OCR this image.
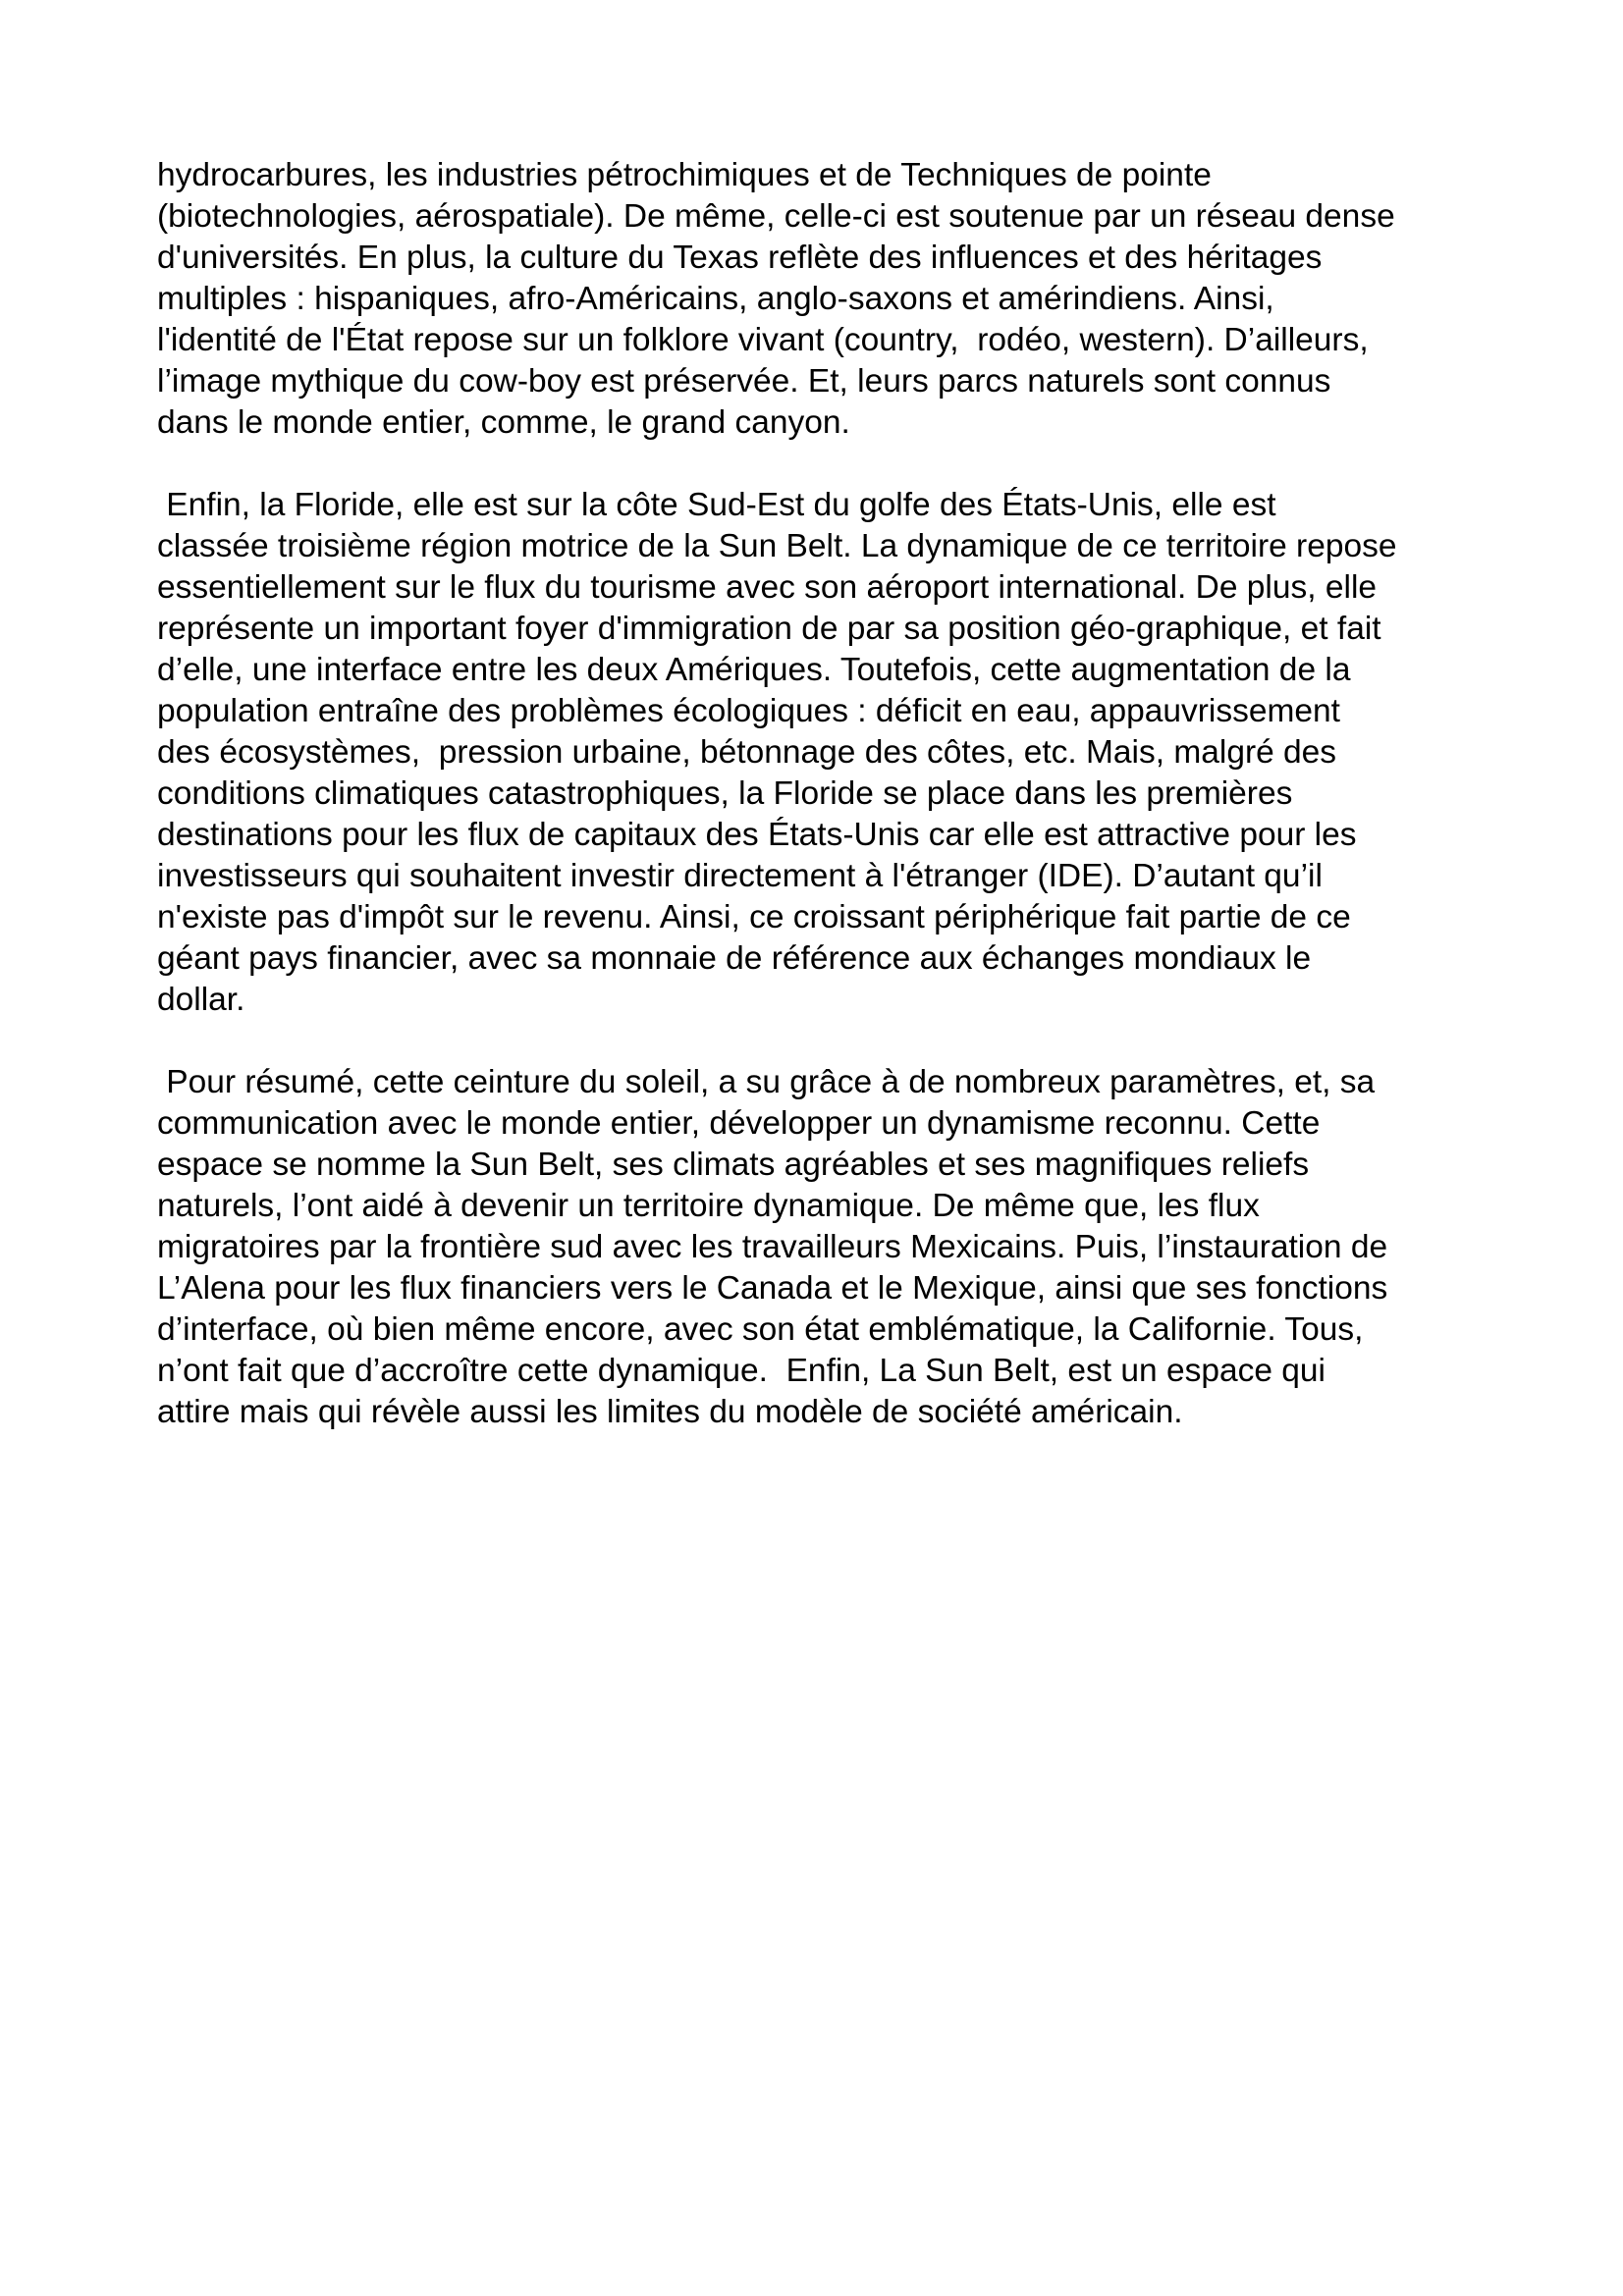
hydrocarbures, les industries pétrochimiques et de Techniques de pointe
(biotechnologies, aérospatiale). De même, celle-ci est soutenue par un réseau dense
d'universités. En plus, la culture du Texas reflète des influences et des héritages
multiples : hispaniques, afro-Américains, anglo-saxons et amérindiens. Ainsi,
l'identité de l'État repose sur un folklore vivant (country,  rodéo, western). D’ailleurs,
l’image mythique du cow-boy est préservée. Et, leurs parcs naturels sont connus
dans le monde entier, comme, le grand canyon.
Enfin, la Floride, elle est sur la côte Sud-Est du golfe des États-Unis, elle est
classée troisième région motrice de la Sun Belt. La dynamique de ce territoire repose
essentiellement sur le flux du tourisme avec son aéroport international. De plus, elle
représente un important foyer d'immigration de par sa position géo-graphique, et fait
d’elle, une interface entre les deux Amériques. Toutefois, cette augmentation de la
population entraîne des problèmes écologiques : déficit en eau, appauvrissement
des écosystèmes,  pression urbaine, bétonnage des côtes, etc. Mais, malgré des
conditions climatiques catastrophiques, la Floride se place dans les premières
destinations pour les flux de capitaux des États-Unis car elle est attractive pour les
investisseurs qui souhaitent investir directement à l'étranger (IDE). D’autant qu’il
n'existe pas d'impôt sur le revenu. Ainsi, ce croissant périphérique fait partie de ce
géant pays financier, avec sa monnaie de référence aux échanges mondiaux le
dollar.
Pour résumé, cette ceinture du soleil, a su grâce à de nombreux paramètres, et, sa
communication avec le monde entier, développer un dynamisme reconnu. Cette
espace se nomme la Sun Belt, ses climats agréables et ses magnifiques reliefs
naturels, l’ont aidé à devenir un territoire dynamique. De même que, les flux
migratoires par la frontière sud avec les travailleurs Mexicains. Puis, l’instauration de
L’Alena pour les flux financiers vers le Canada et le Mexique, ainsi que ses fonctions
d’interface, où bien même encore, avec son état emblématique, la Californie. Tous,
n’ont fait que d’accroître cette dynamique.  Enfin, La Sun Belt, est un espace qui
attire mais qui révèle aussi les limites du modèle de société américain.
